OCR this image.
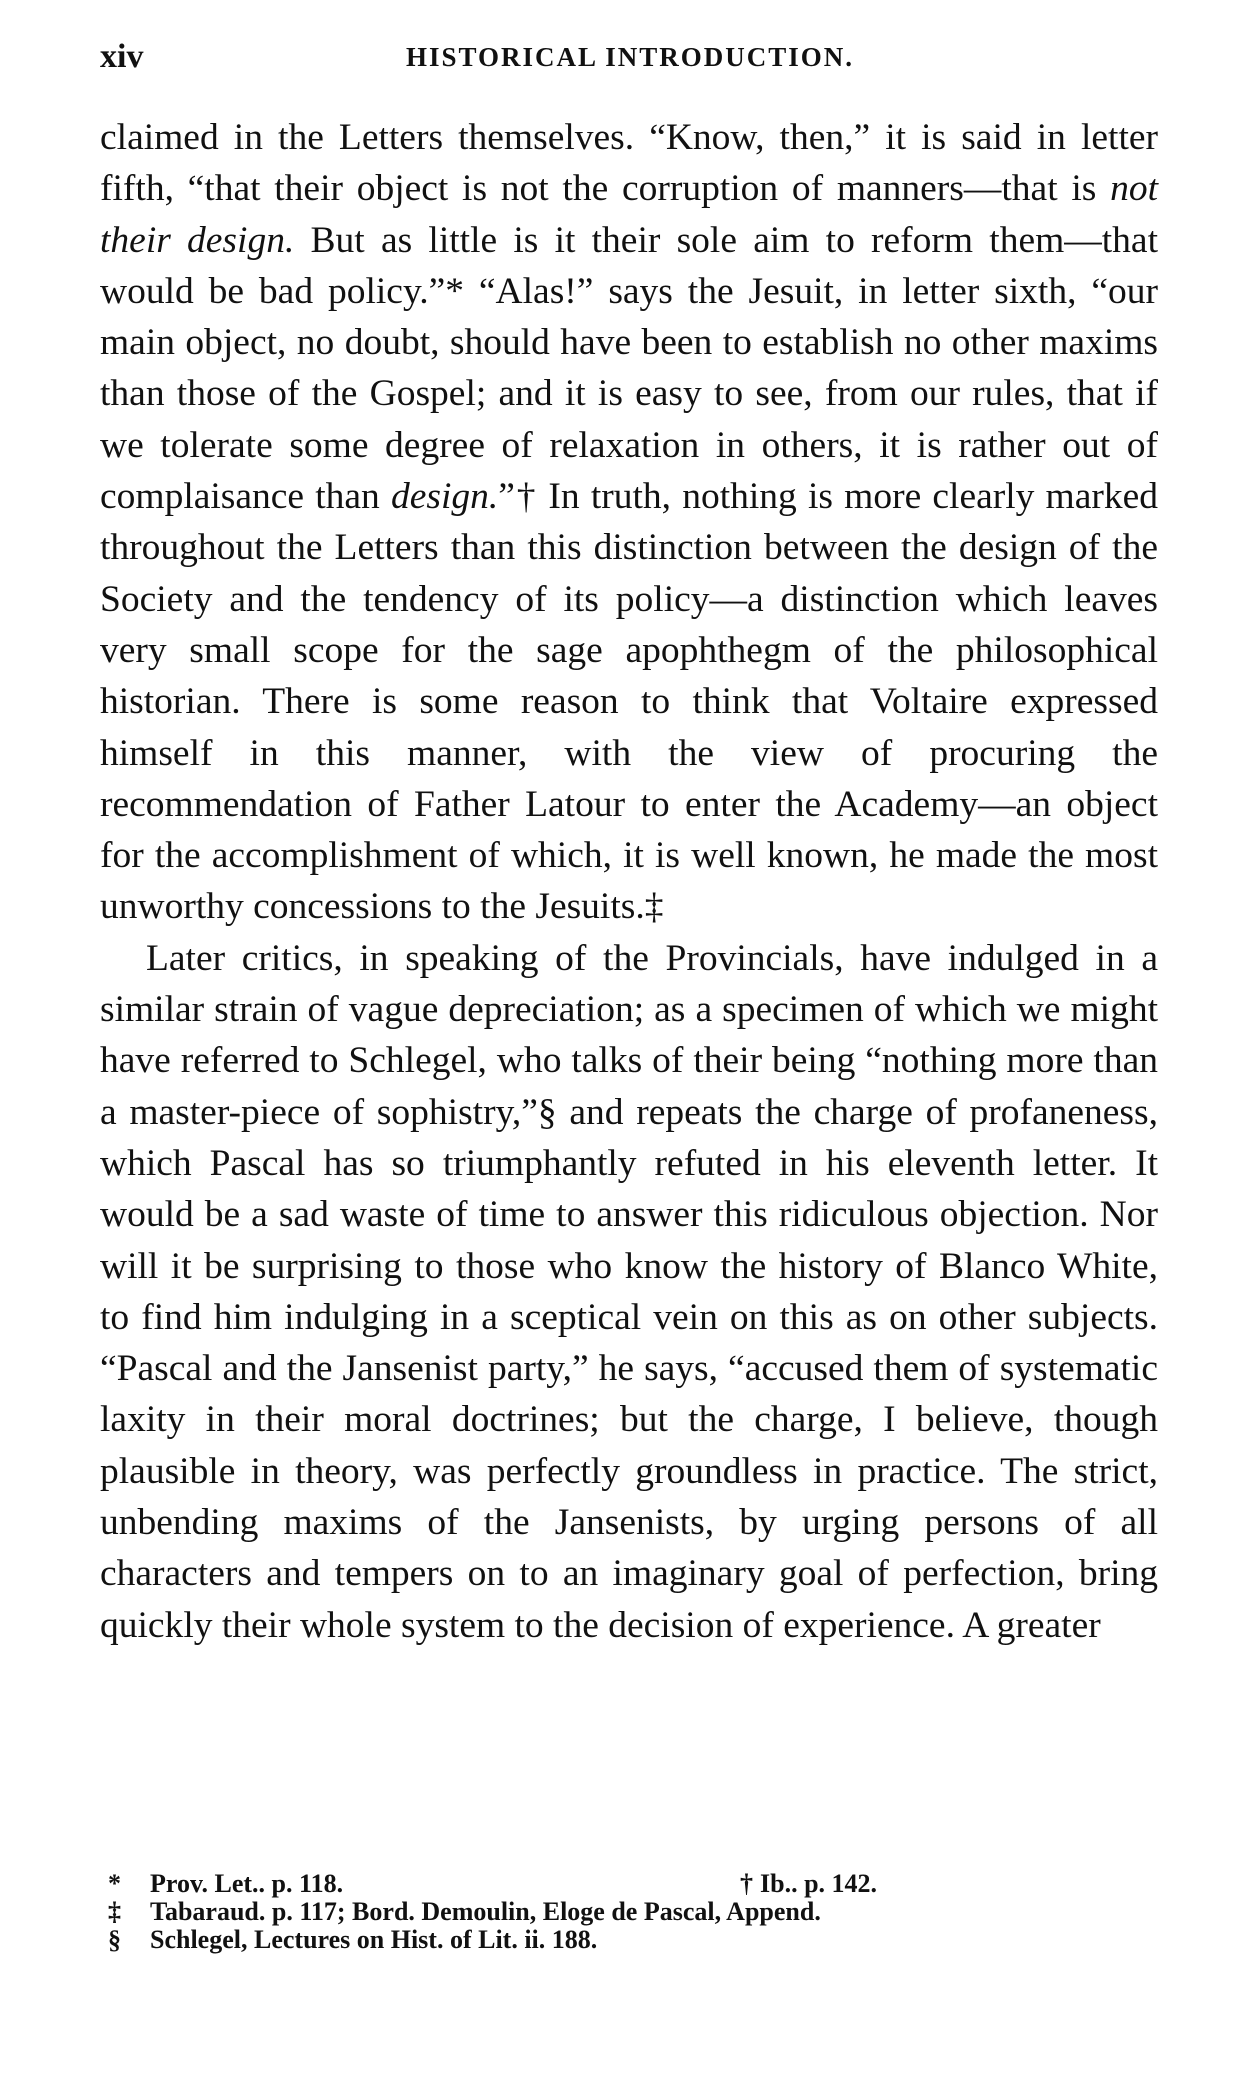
xiv	HISTORICAL INTRODUCTION.

claimed in the Letters themselves. “Know, then,” it is said in letter fifth, “that their object is not the corruption of manners—that is not their design. But as little is it their sole aim to reform them—that would be bad policy.”* “Alas!” says the Jesuit, in letter sixth, “our main object, no doubt, should have been to establish no other maxims than those of the Gospel; and it is easy to see, from our rules, that if we tolerate some degree of relaxation in others, it is rather out of complaisance than design.”† In truth, nothing is more clearly marked throughout the Letters than this distinction between the design of the Society and the tendency of its policy—a distinction which leaves very small scope for the sage apophthegm of the philosophical historian. There is some reason to think that Voltaire expressed himself in this manner, with the view of procuring the recommendation of Father Latour to enter the Academy—an object for the accomplishment of which, it is well known, he made the most unworthy concessions to the Jesuits.‡

Later critics, in speaking of the Provincials, have indulged in a similar strain of vague depreciation; as a specimen of which we might have referred to Schlegel, who talks of their being “nothing more than a master-piece of sophistry,”§ and repeats the charge of profaneness, which Pascal has so triumphantly refuted in his eleventh letter. It would be a sad waste of time to answer this ridiculous objection. Nor will it be surprising to those who know the history of Blanco White, to find him indulging in a sceptical vein on this as on other subjects. “Pascal and the Jansenist party,” he says, “accused them of systematic laxity in their moral doctrines; but the charge, I believe, though plausible in theory, was perfectly groundless in practice. The strict, unbending maxims of the Jansenists, by urging persons of all characters and tempers on to an imaginary goal of perfection, bring quickly their whole system to the decision of experience. A greater

*	Prov. Let.. p. 118.	† Ib.. p. 142.
‡	Tabaraud. p. 117; Bord. Demoulin, Eloge de Pascal, Append.
§	Schlegel, Lectures on Hist. of Lit. ii. 188.
